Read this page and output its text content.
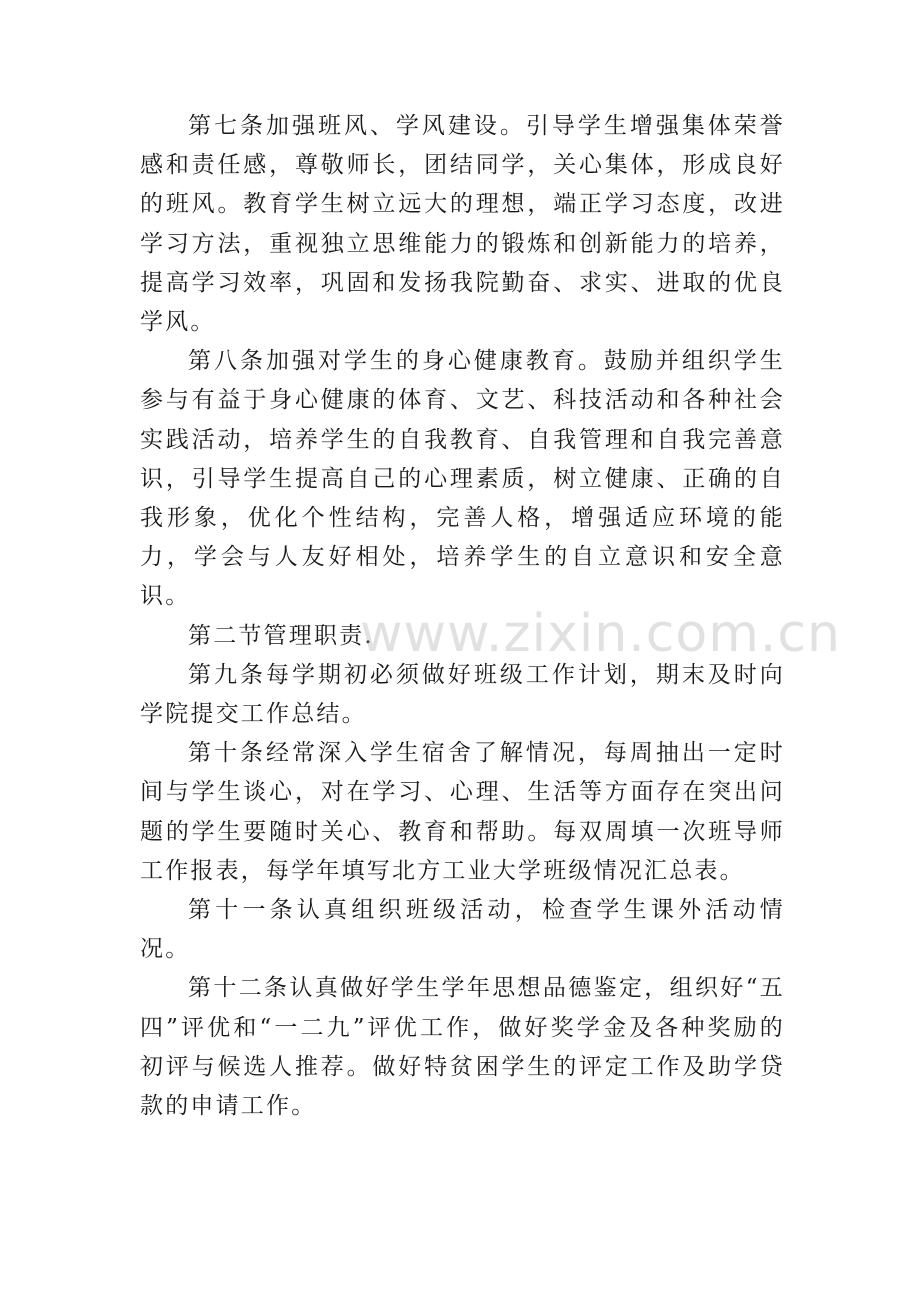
第七条加强班风、学风建设。引导学生增强集体荣誉感和责任感，尊敬师长，团结同学，关心集体，形成良好的班风。教育学生树立远大的理想，端正学习态度，改进学习方法，重视独立思维能力的锻炼和创新能力的培养，提高学习效率，巩固和发扬我院勤奋、求实、进取的优良学风。

第八条加强对学生的身心健康教育。鼓励并组织学生参与有益于身心健康的体育、文艺、科技活动和各种社会实践活动，培养学生的自我教育、自我管理和自我完善意识，引导学生提高自己的心理素质，树立健康、正确的自我形象，优化个性结构，完善人格，增强适应环境的能力，学会与人友好相处，培养学生的自立意识和安全意识。

第二节管理职责.

第九条每学期初必须做好班级工作计划，期末及时向学院提交工作总结。

第十条经常深入学生宿舍了解情况，每周抽出一定时间与学生谈心，对在学习、心理、生活等方面存在突出问题的学生要随时关心、教育和帮助。每双周填一次班导师工作报表，每学年填写北方工业大学班级情况汇总表。

第十一条认真组织班级活动，检查学生课外活动情况。

第十二条认真做好学生学年思想品德鉴定，组织好“五四”评优和“一二九”评优工作，做好奖学金及各种奖励的初评与候选人推荐。做好特贫困学生的评定工作及助学贷款的申请工作。

www.zixin.com.cn
